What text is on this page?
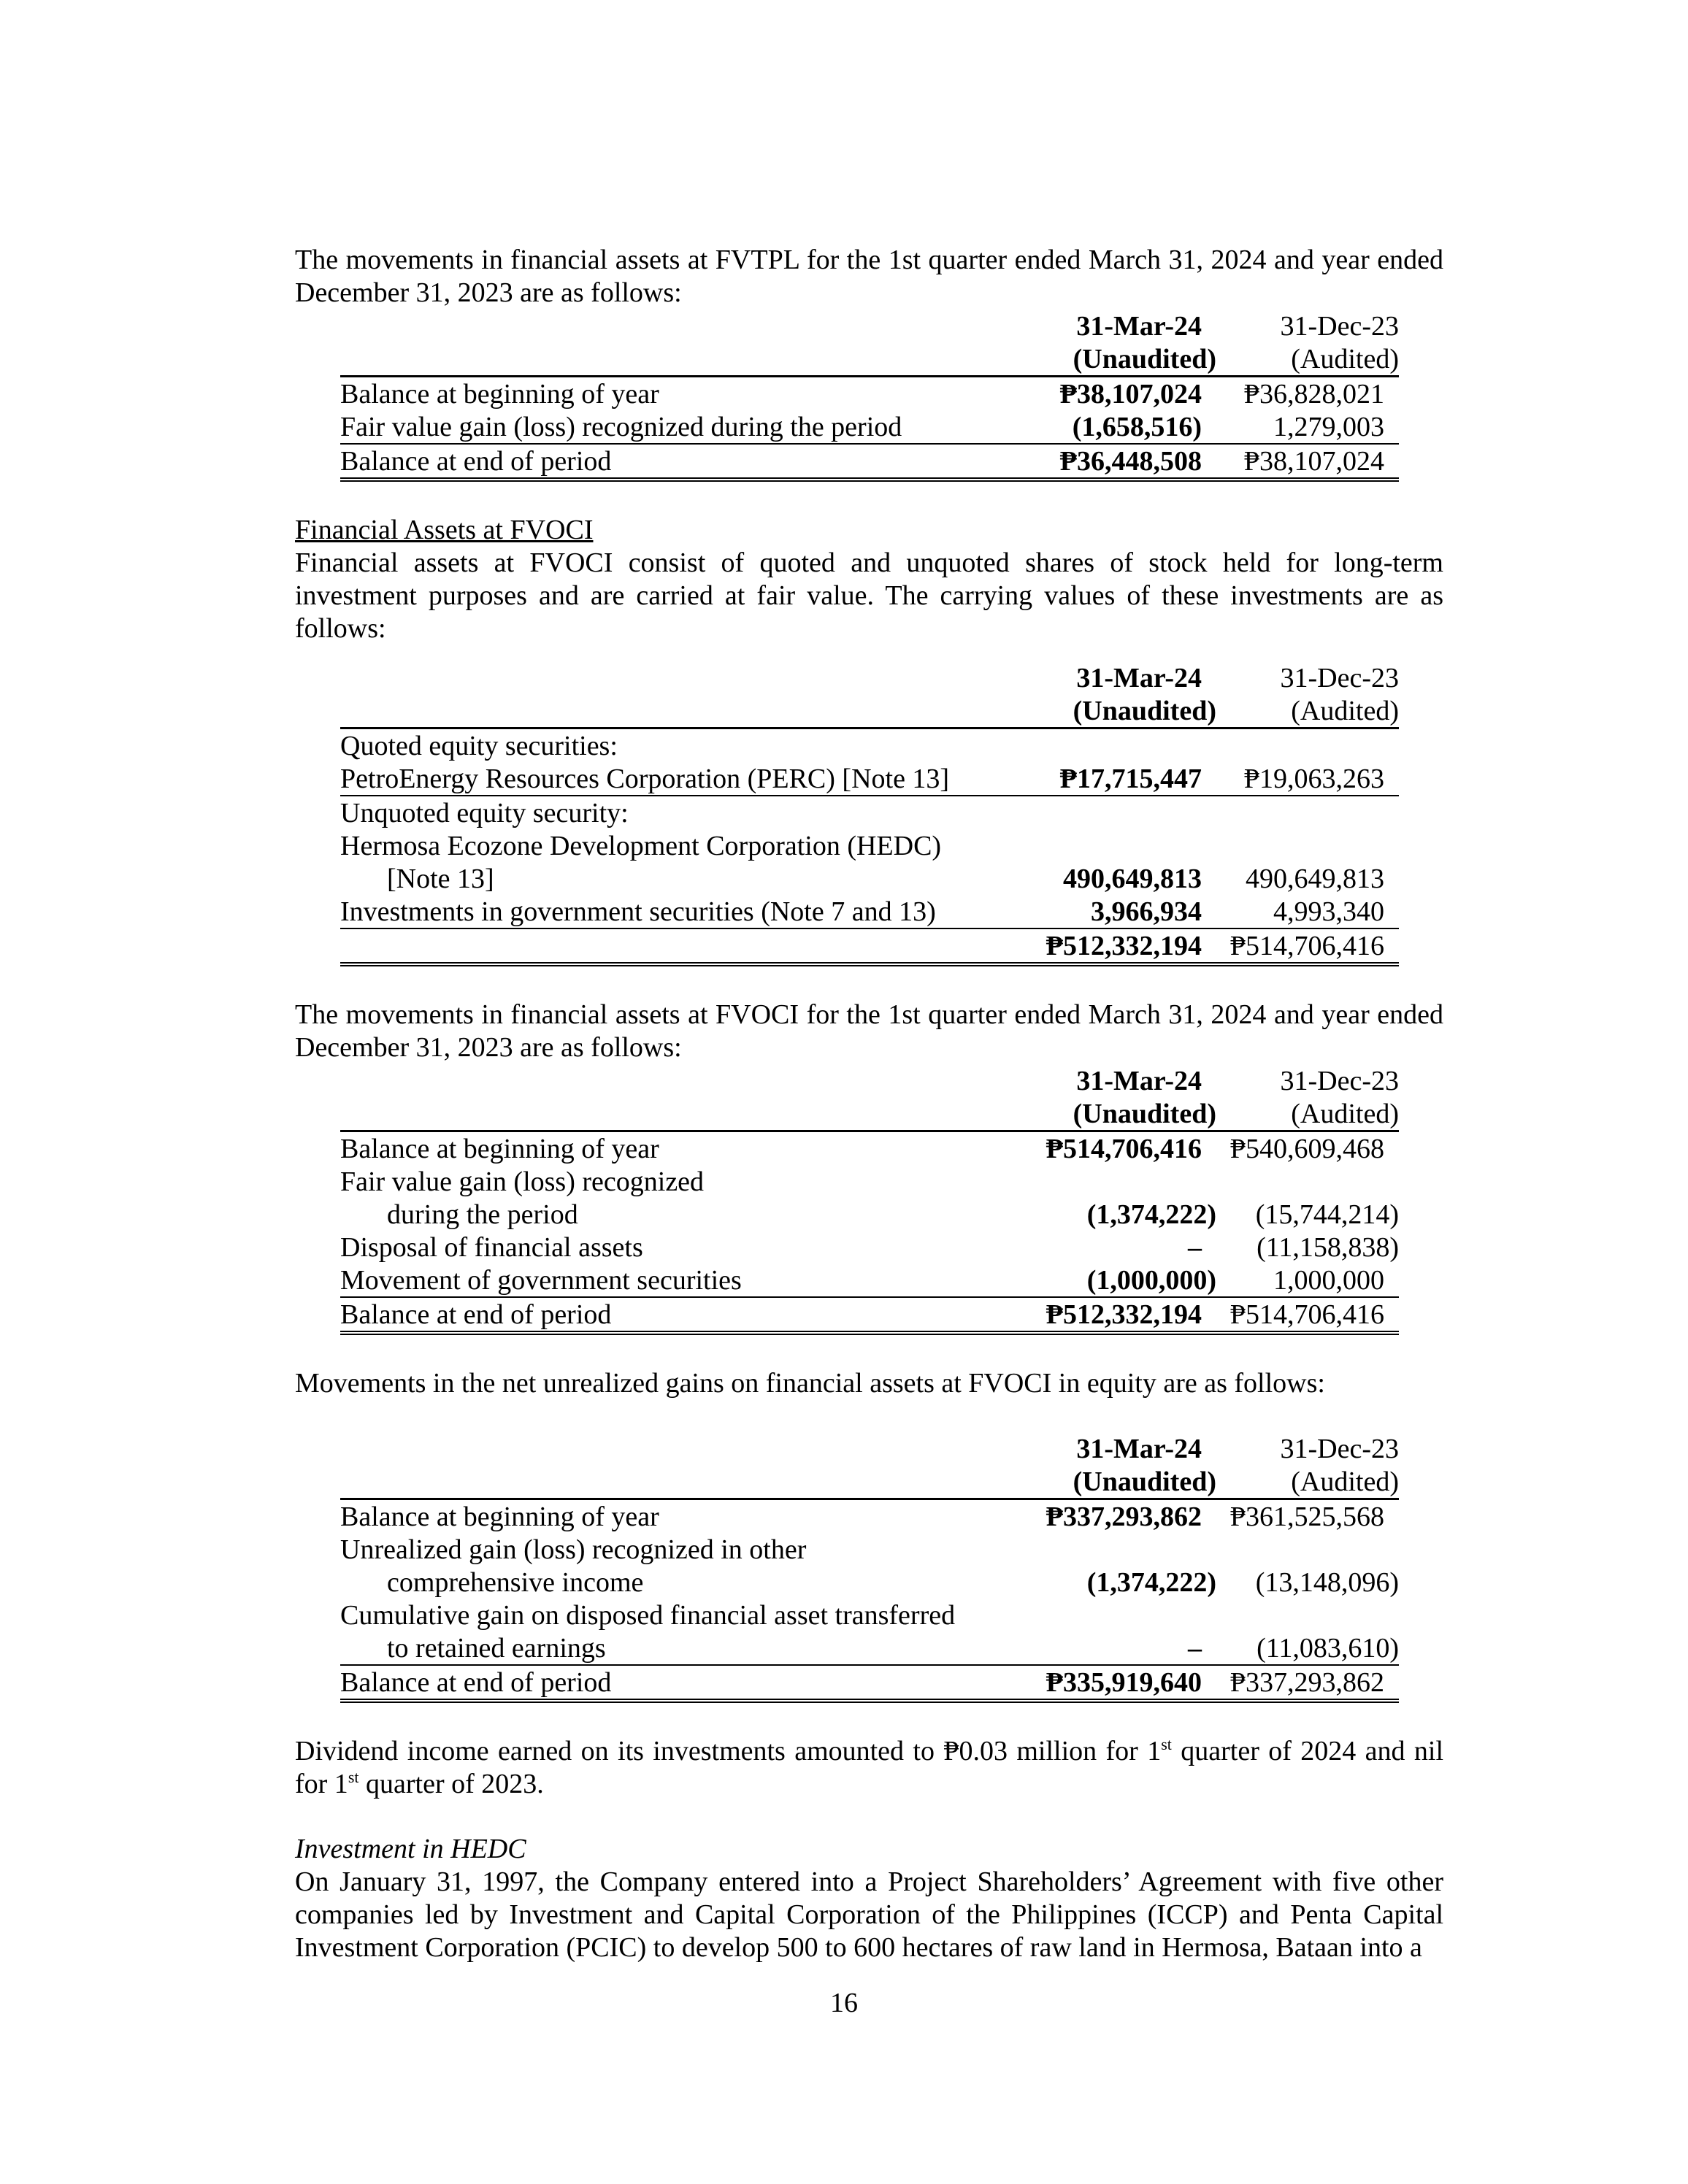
The movements in financial assets at FVTPL for the 1st quarter ended March 31, 2024 and year ended December 31, 2023 are as follows:

	31-Mar-24	31-Dec-23
	(Unaudited)	(Audited)
Balance at beginning of year	₱38,107,024	₱36,828,021
Fair value gain (loss) recognized during the period	(1,658,516)	1,279,003
Balance at end of period	₱36,448,508	₱38,107,024

Financial Assets at FVOCI

Financial assets at FVOCI consist of quoted and unquoted shares of stock held for long-term investment purposes and are carried at fair value. The carrying values of these investments are as follows:

	31-Mar-24	31-Dec-23
	(Unaudited)	(Audited)
Quoted equity securities:		
PetroEnergy Resources Corporation (PERC) [Note 13]	₱17,715,447	₱19,063,263
Unquoted equity security:		
Hermosa Ecozone Development Corporation (HEDC)		
[Note 13]	490,649,813	490,649,813
Investments in government securities (Note 7 and 13)	3,966,934	4,993,340
	₱512,332,194	₱514,706,416

The movements in financial assets at FVOCI for the 1st quarter ended March 31, 2024 and year ended December 31, 2023 are as follows:

	31-Mar-24	31-Dec-23
	(Unaudited)	(Audited)
Balance at beginning of year	₱514,706,416	₱540,609,468
Fair value gain (loss) recognized		
during the period	(1,374,222)	(15,744,214)
Disposal of financial assets	–	(11,158,838)
Movement of government securities	(1,000,000)	1,000,000
Balance at end of period	₱512,332,194	₱514,706,416

Movements in the net unrealized gains on financial assets at FVOCI in equity are as follows:

	31-Mar-24	31-Dec-23
	(Unaudited)	(Audited)
Balance at beginning of year	₱337,293,862	₱361,525,568
Unrealized gain (loss) recognized in other		
comprehensive income	(1,374,222)	(13,148,096)
Cumulative gain on disposed financial asset transferred		
to retained earnings	–	(11,083,610)
Balance at end of period	₱335,919,640	₱337,293,862

Dividend income earned on its investments amounted to ₱0.03 million for 1st quarter of 2024 and nil for 1st quarter of 2023.

Investment in HEDC

On January 31, 1997, the Company entered into a Project Shareholders’ Agreement with five other companies led by Investment and Capital Corporation of the Philippines (ICCP) and Penta Capital Investment Corporation (PCIC) to develop 500 to 600 hectares of raw land in Hermosa, Bataan into a

16
